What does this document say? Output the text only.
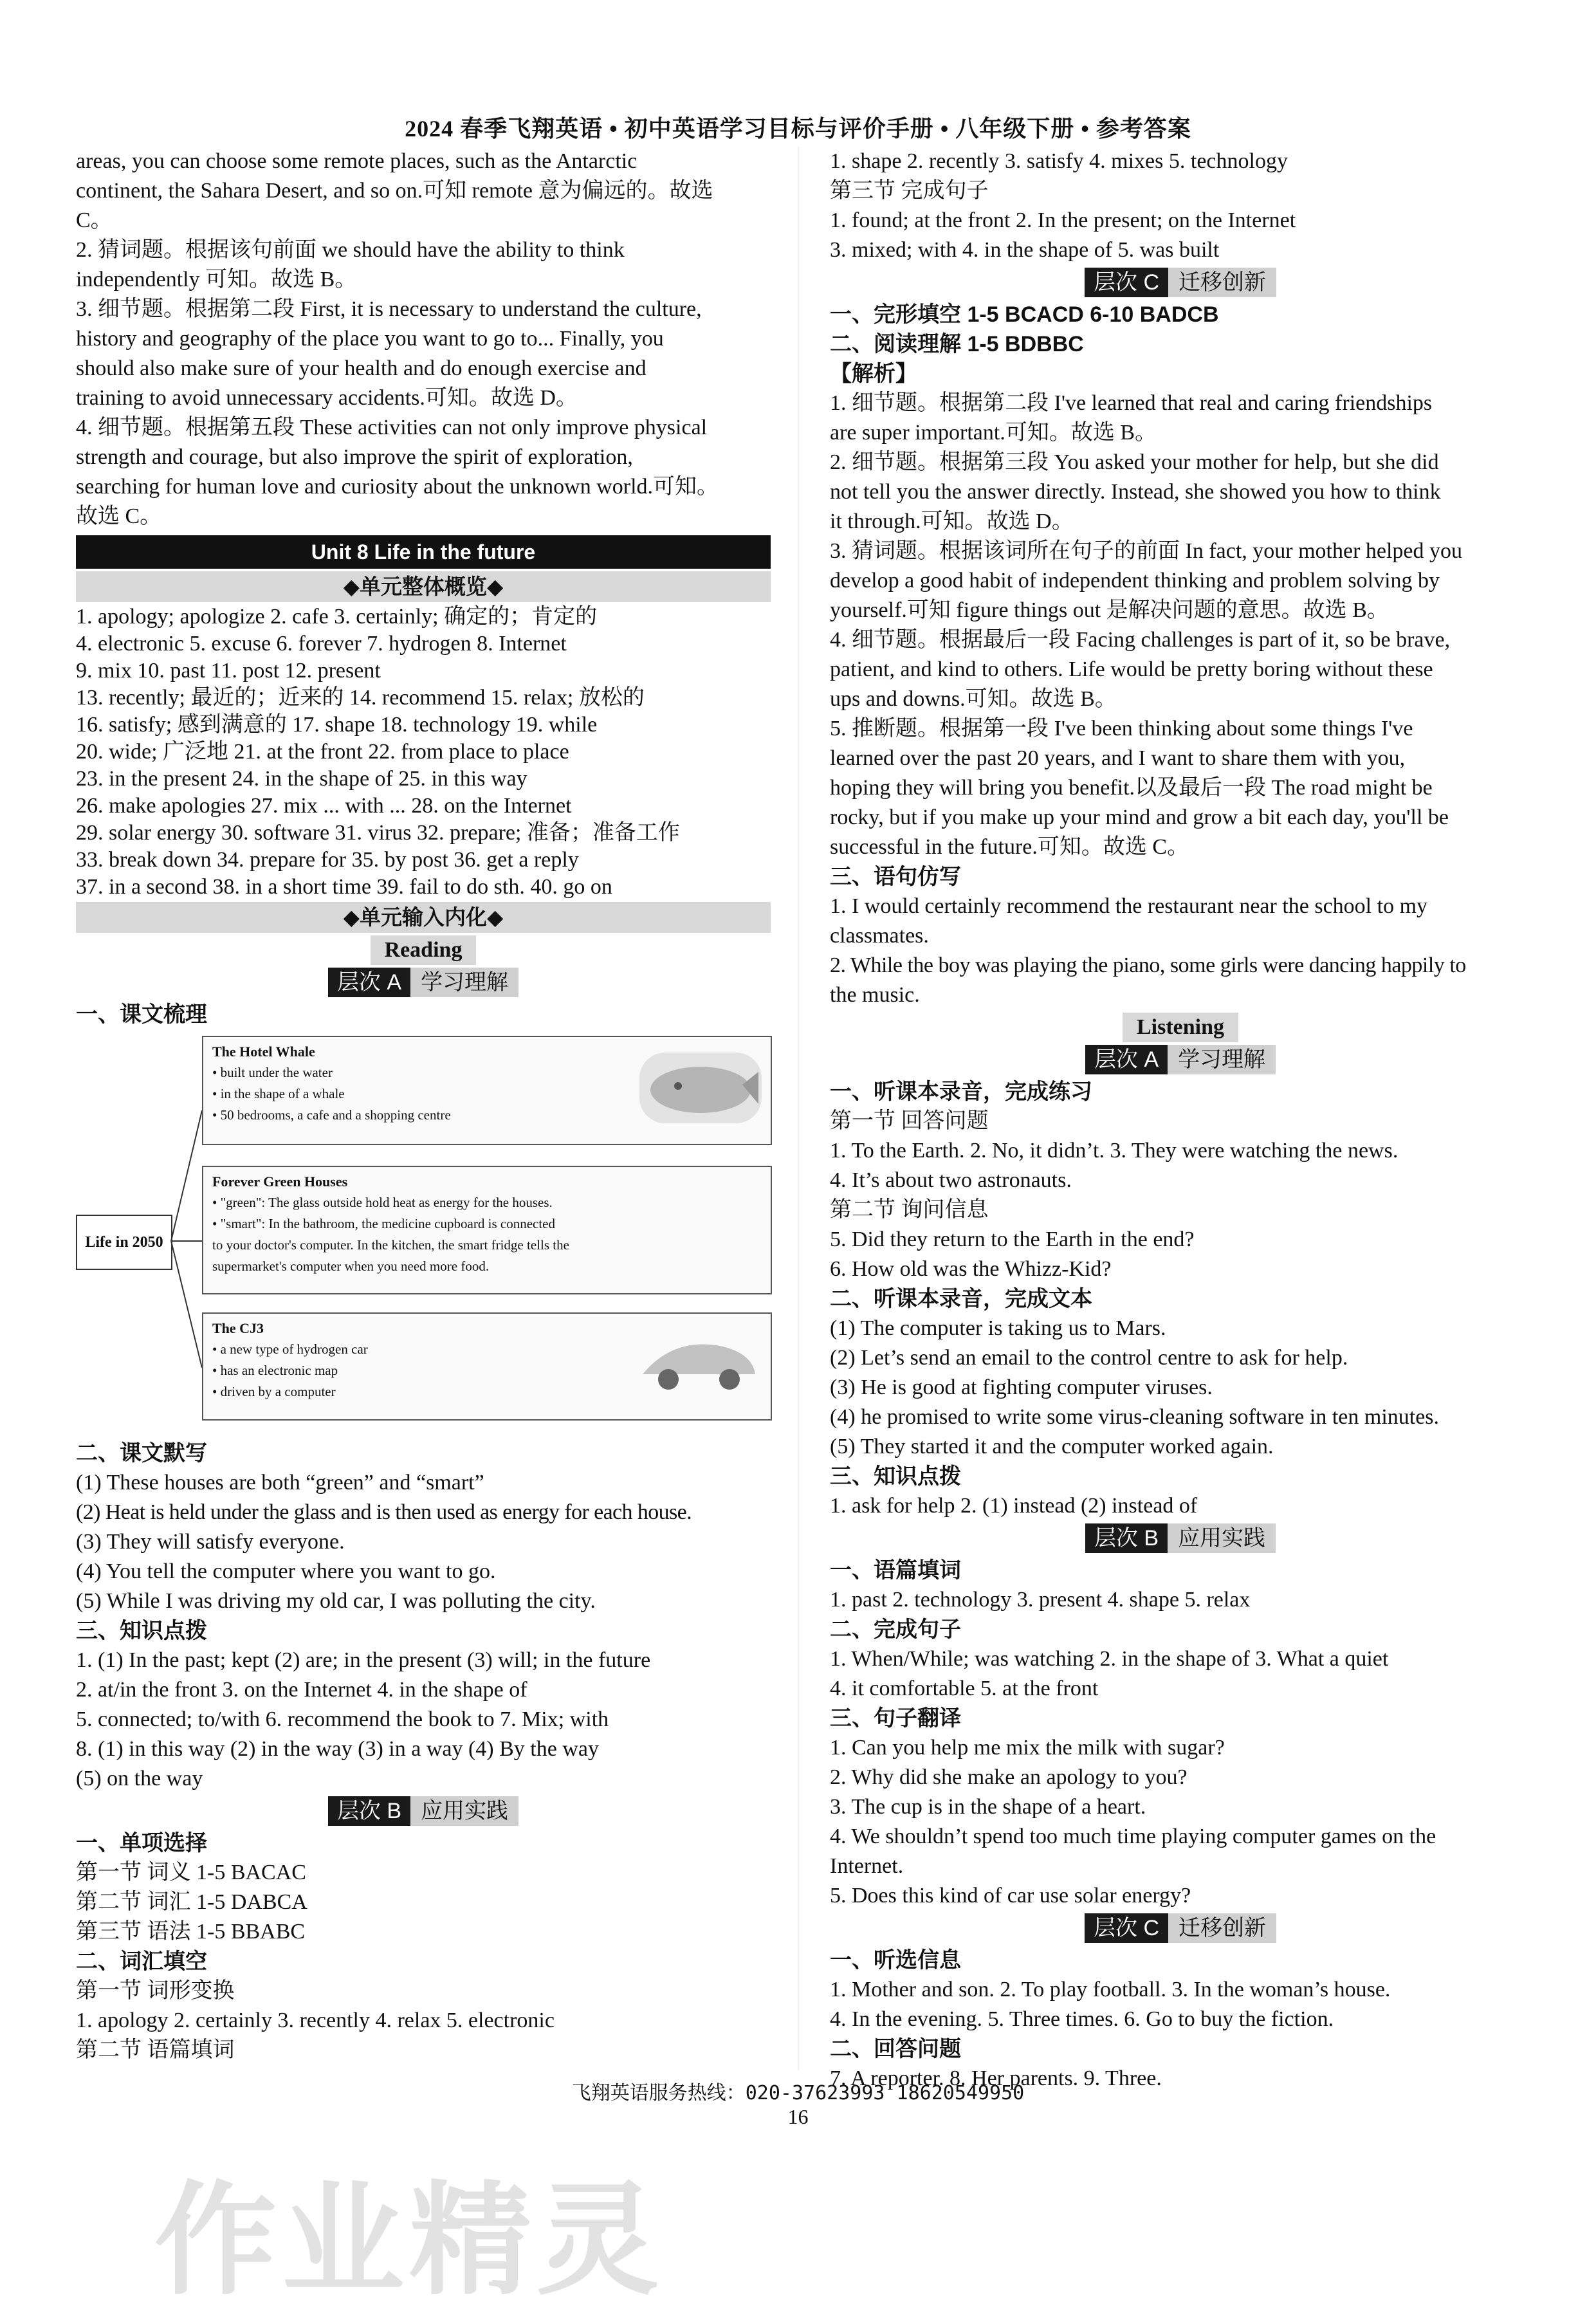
2024 春季飞翔英语 • 初中英语学习目标与评价手册 • 八年级下册 • 参考答案

areas, you can choose some remote places, such as the Antarctic

continent, the Sahara Desert, and so on.可知 remote 意为偏远的。故选

C。

2. 猜词题。根据该句前面 we should have the ability to think

independently 可知。故选 B。

3. 细节题。根据第二段 First, it is necessary to understand the culture,

history and geography of the place you want to go to... Finally, you

should also make sure of your health and do enough exercise and

training to avoid unnecessary accidents.可知。故选 D。

4. 细节题。根据第五段 These activities can not only improve physical

strength and courage, but also improve the spirit of exploration,

searching for human love and curiosity about the unknown world.可知。

故选 C。

Unit 8 Life in the future
◆单元整体概览◆

1. apology; apologize 2. cafe 3. certainly; 确定的；肯定的

4. electronic 5. excuse 6. forever 7. hydrogen 8. Internet

9. mix 10. past 11. post 12. present

13. recently; 最近的；近来的 14. recommend 15. relax; 放松的

16. satisfy; 感到满意的 17. shape 18. technology 19. while

20. wide; 广泛地 21. at the front 22. from place to place

23. in the present 24. in the shape of 25. in this way

26. make apologies 27. mix ... with ... 28. on the Internet

29. solar energy 30. software 31. virus 32. prepare; 准备；准备工作

33. break down 34. prepare for 35. by post 36. get a reply

37. in a second 38. in a short time 39. fail to do sth. 40. go on

◆单元输入内化◆
Reading
层次 A 学习理解

一、课文梳理

Life in 2050
The Hotel Whale
• built under the water
• in the shape of a whale
• 50 bedrooms, a cafe and a shopping centre
Forever Green Houses
• "green": The glass outside hold heat as energy for the houses.
• "smart": In the bathroom, the medicine cupboard is connected
to your doctor's computer. In the kitchen, the smart fridge tells the
supermarket's computer when you need more food.
The CJ3
• a new type of hydrogen car
• has an electronic map
• driven by a computer

二、课文默写

(1) These houses are both “green” and “smart”

(2) Heat is held under the glass and is then used as energy for each house.

(3) They will satisfy everyone.

(4) You tell the computer where you want to go.

(5) While I was driving my old car, I was polluting the city.

三、知识点拨

1. (1) In the past; kept (2) are; in the present (3) will; in the future

2. at/in the front 3. on the Internet 4. in the shape of

5. connected; to/with 6. recommend the book to 7. Mix; with

8. (1) in this way (2) in the way (3) in a way (4) By the way

(5) on the way

层次 B 应用实践

一、单项选择

第一节 词义 1-5 BACAC

第二节 词汇 1-5 DABCA

第三节 语法 1-5 BBABC

二、词汇填空

第一节 词形变换

1. apology 2. certainly 3. recently 4. relax 5. electronic

第二节 语篇填词

1. shape 2. recently 3. satisfy 4. mixes 5. technology

第三节 完成句子

1. found; at the front 2. In the present; on the Internet

3. mixed; with 4. in the shape of 5. was built

层次 C 迁移创新

一、完形填空 1-5 BCACD 6-10 BADCB

二、阅读理解 1-5 BDBBC

【解析】

1. 细节题。根据第二段 I've learned that real and caring friendships

are super important.可知。故选 B。

2. 细节题。根据第三段 You asked your mother for help, but she did

not tell you the answer directly. Instead, she showed you how to think

it through.可知。故选 D。

3. 猜词题。根据该词所在句子的前面 In fact, your mother helped you

develop a good habit of independent thinking and problem solving by

yourself.可知 figure things out 是解决问题的意思。故选 B。

4. 细节题。根据最后一段 Facing challenges is part of it, so be brave,

patient, and kind to others. Life would be pretty boring without these

ups and downs.可知。故选 B。

5. 推断题。根据第一段 I've been thinking about some things I've

learned over the past 20 years, and I want to share them with you,

hoping they will bring you benefit.以及最后一段 The road might be

rocky, but if you make up your mind and grow a bit each day, you'll be

successful in the future.可知。故选 C。

三、语句仿写

1. I would certainly recommend the restaurant near the school to my

classmates.

2. While the boy was playing the piano, some girls were dancing happily to

the music.

Listening
层次 A 学习理解

一、听课本录音，完成练习

第一节 回答问题

1. To the Earth. 2. No, it didn’t. 3. They were watching the news.

4. It’s about two astronauts.

第二节 询问信息

5. Did they return to the Earth in the end?

6. How old was the Whizz-Kid?

二、听课本录音，完成文本

(1) The computer is taking us to Mars.

(2) Let’s send an email to the control centre to ask for help.

(3) He is good at fighting computer viruses.

(4) he promised to write some virus-cleaning software in ten minutes.

(5) They started it and the computer worked again.

三、知识点拨

1. ask for help 2. (1) instead (2) instead of

层次 B 应用实践

一、语篇填词

1. past 2. technology 3. present 4. shape 5. relax

二、完成句子

1. When/While; was watching 2. in the shape of 3. What a quiet

4. it comfortable 5. at the front

三、句子翻译

1. Can you help me mix the milk with sugar?

2. Why did she make an apology to you?

3. The cup is in the shape of a heart.

4. We shouldn’t spend too much time playing computer games on the

Internet.

5. Does this kind of car use solar energy?

层次 C 迁移创新

一、听选信息

1. Mother and son. 2. To play football. 3. In the woman’s house.

4. In the evening. 5. Three times. 6. Go to buy the fiction.

二、回答问题

7. A reporter. 8. Her parents. 9. Three.

飞翔英语服务热线：020-37623993 18620549950
16
作业精灵
